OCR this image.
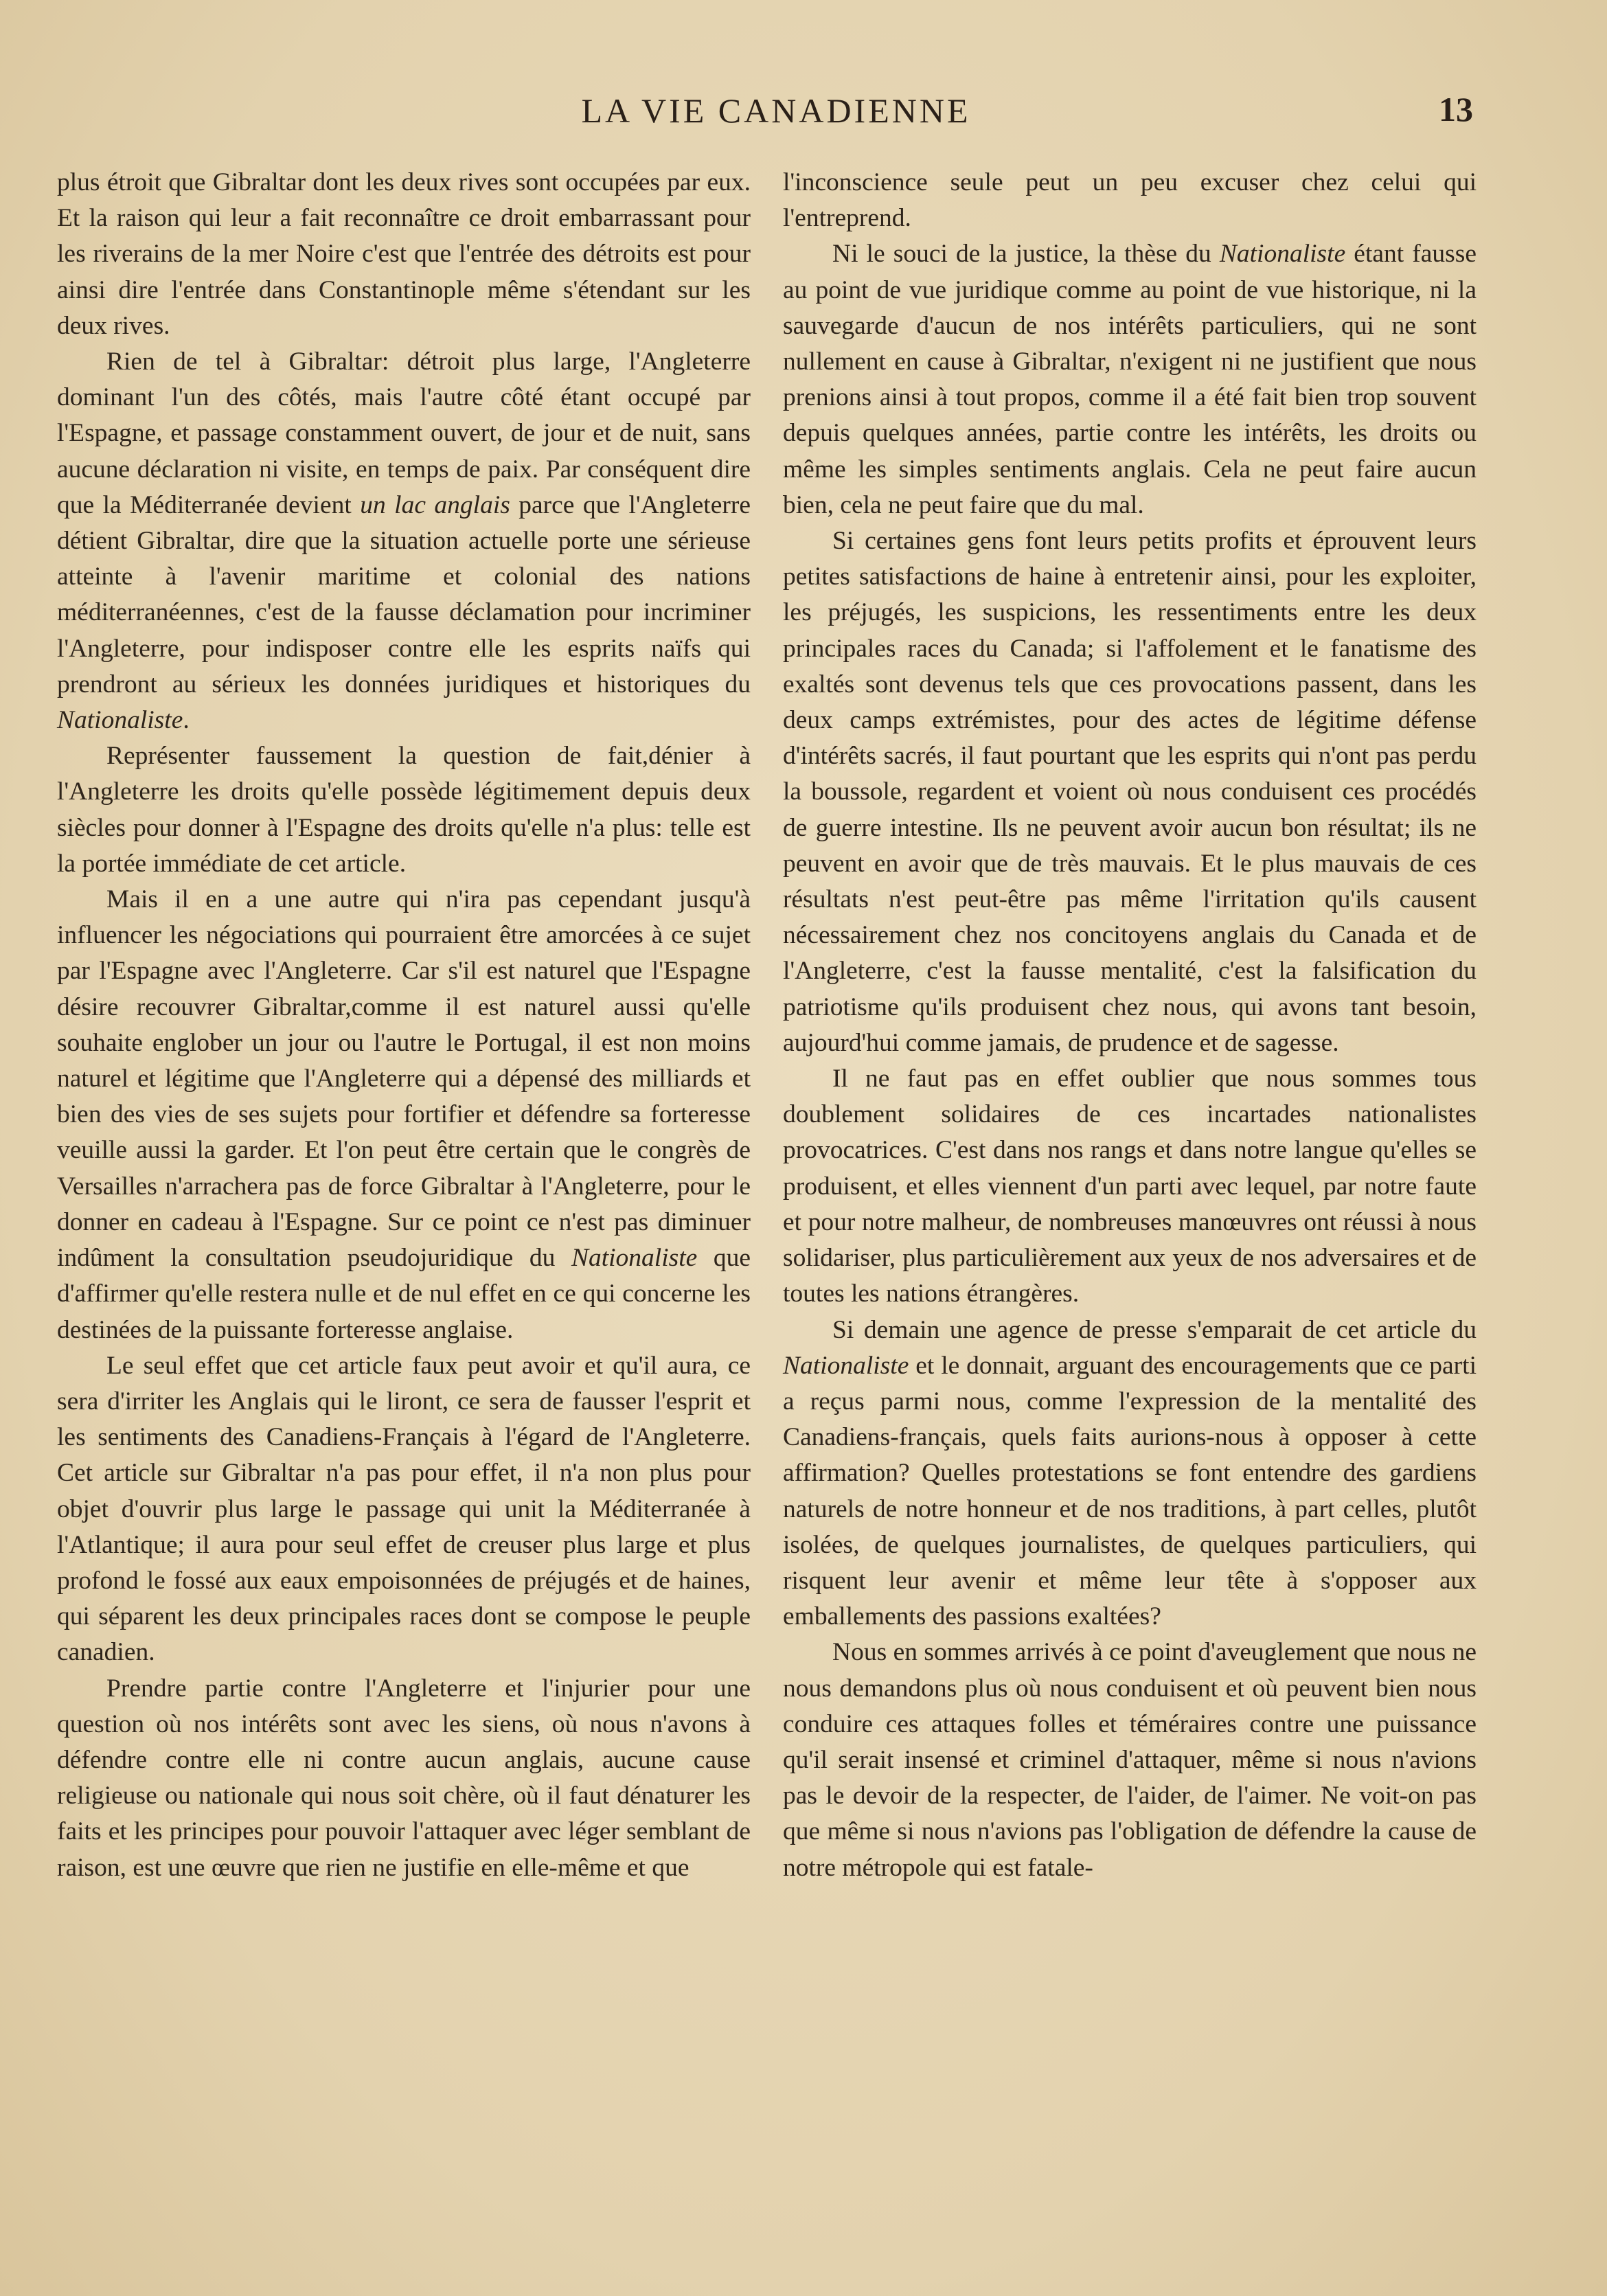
LA VIE CANADIENNE	13

plus étroit que Gibraltar dont les deux rives sont occupées par eux. Et la raison qui leur a fait reconnaître ce droit embarrassant pour les riverains de la mer Noire c'est que l'entrée des détroits est pour ainsi dire l'entrée dans Constantinople même s'étendant sur les deux rives.

Rien de tel à Gibraltar: détroit plus large, l'Angleterre dominant l'un des côtés, mais l'autre côté étant occupé par l'Espagne, et passage constamment ouvert, de jour et de nuit, sans aucune déclaration ni visite, en temps de paix. Par conséquent dire que la Méditerranée devient un lac anglais parce que l'Angleterre détient Gibraltar, dire que la situation actuelle porte une sérieuse atteinte à l'avenir maritime et colonial des nations méditerranéennes, c'est de la fausse déclamation pour incriminer l'Angleterre, pour indisposer contre elle les esprits naïfs qui prendront au sérieux les données juridiques et historiques du Nationaliste.

Représenter faussement la question de fait,dénier à l'Angleterre les droits qu'elle possède légitimement depuis deux siècles pour donner à l'Espagne des droits qu'elle n'a plus: telle est la portée immédiate de cet article.

Mais il en a une autre qui n'ira pas cependant jusqu'à influencer les négociations qui pourraient être amorcées à ce sujet par l'Espagne avec l'Angleterre. Car s'il est naturel que l'Espagne désire recouvrer Gibraltar,comme il est naturel aussi qu'elle souhaite englober un jour ou l'autre le Portugal, il est non moins naturel et légitime que l'Angleterre qui a dépensé des milliards et bien des vies de ses sujets pour fortifier et défendre sa forteresse veuille aussi la garder. Et l'on peut être certain que le congrès de Versailles n'arrachera pas de force Gibraltar à l'Angleterre, pour le donner en cadeau à l'Espagne. Sur ce point ce n'est pas diminuer indûment la consultation pseudojuridique du Nationaliste que d'affirmer qu'elle restera nulle et de nul effet en ce qui concerne les destinées de la puissante forteresse anglaise.

Le seul effet que cet article faux peut avoir et qu'il aura, ce sera d'irriter les Anglais qui le liront, ce sera de fausser l'esprit et les sentiments des Canadiens-Français à l'égard de l'Angleterre. Cet article sur Gibraltar n'a pas pour effet, il n'a non plus pour objet d'ouvrir plus large le passage qui unit la Méditerranée à l'Atlantique; il aura pour seul effet de creuser plus large et plus profond le fossé aux eaux empoisonnées de préjugés et de haines, qui séparent les deux principales races dont se compose le peuple canadien.

Prendre partie contre l'Angleterre et l'injurier pour une question où nos intérêts sont avec les siens, où nous n'avons à défendre contre elle ni contre aucun anglais, aucune cause religieuse ou nationale qui nous soit chère, où il faut dénaturer les faits et les principes pour pouvoir l'attaquer avec léger semblant de raison, est une œuvre que rien ne justifie en elle-même et que

l'inconscience seule peut un peu excuser chez celui qui l'entreprend.

Ni le souci de la justice, la thèse du Nationaliste étant fausse au point de vue juridique comme au point de vue historique, ni la sauvegarde d'aucun de nos intérêts particuliers, qui ne sont nullement en cause à Gibraltar, n'exigent ni ne justifient que nous prenions ainsi à tout propos, comme il a été fait bien trop souvent depuis quelques années, partie contre les intérêts, les droits ou même les simples sentiments anglais. Cela ne peut faire aucun bien, cela ne peut faire que du mal.

Si certaines gens font leurs petits profits et éprouvent leurs petites satisfactions de haine à entretenir ainsi, pour les exploiter, les préjugés, les suspicions, les ressentiments entre les deux principales races du Canada; si l'affolement et le fanatisme des exaltés sont devenus tels que ces provocations passent, dans les deux camps extrémistes, pour des actes de légitime défense d'intérêts sacrés, il faut pourtant que les esprits qui n'ont pas perdu la boussole, regardent et voient où nous conduisent ces procédés de guerre intestine. Ils ne peuvent avoir aucun bon résultat; ils ne peuvent en avoir que de très mauvais. Et le plus mauvais de ces résultats n'est peut-être pas même l'irritation qu'ils causent nécessairement chez nos concitoyens anglais du Canada et de l'Angleterre, c'est la fausse mentalité, c'est la falsification du patriotisme qu'ils produisent chez nous, qui avons tant besoin, aujourd'hui comme jamais, de prudence et de sagesse.

Il ne faut pas en effet oublier que nous sommes tous doublement solidaires de ces incartades nationalistes provocatrices. C'est dans nos rangs et dans notre langue qu'elles se produisent, et elles viennent d'un parti avec lequel, par notre faute et pour notre malheur, de nombreuses manœuvres ont réussi à nous solidariser, plus particulièrement aux yeux de nos adversaires et de toutes les nations étrangères.

Si demain une agence de presse s'emparait de cet article du Nationaliste et le donnait, arguant des encouragements que ce parti a reçus parmi nous, comme l'expression de la mentalité des Canadiens-français, quels faits aurions-nous à opposer à cette affirmation? Quelles protestations se font entendre des gardiens naturels de notre honneur et de nos traditions, à part celles, plutôt isolées, de quelques journalistes, de quelques particuliers, qui risquent leur avenir et même leur tête à s'opposer aux emballements des passions exaltées?

Nous en sommes arrivés à ce point d'aveuglement que nous ne nous demandons plus où nous conduisent et où peuvent bien nous conduire ces attaques folles et téméraires contre une puissance qu'il serait insensé et criminel d'attaquer, même si nous n'avions pas le devoir de la respecter, de l'aider, de l'aimer. Ne voit-on pas que même si nous n'avions pas l'obligation de défendre la cause de notre métropole qui est fatale-
